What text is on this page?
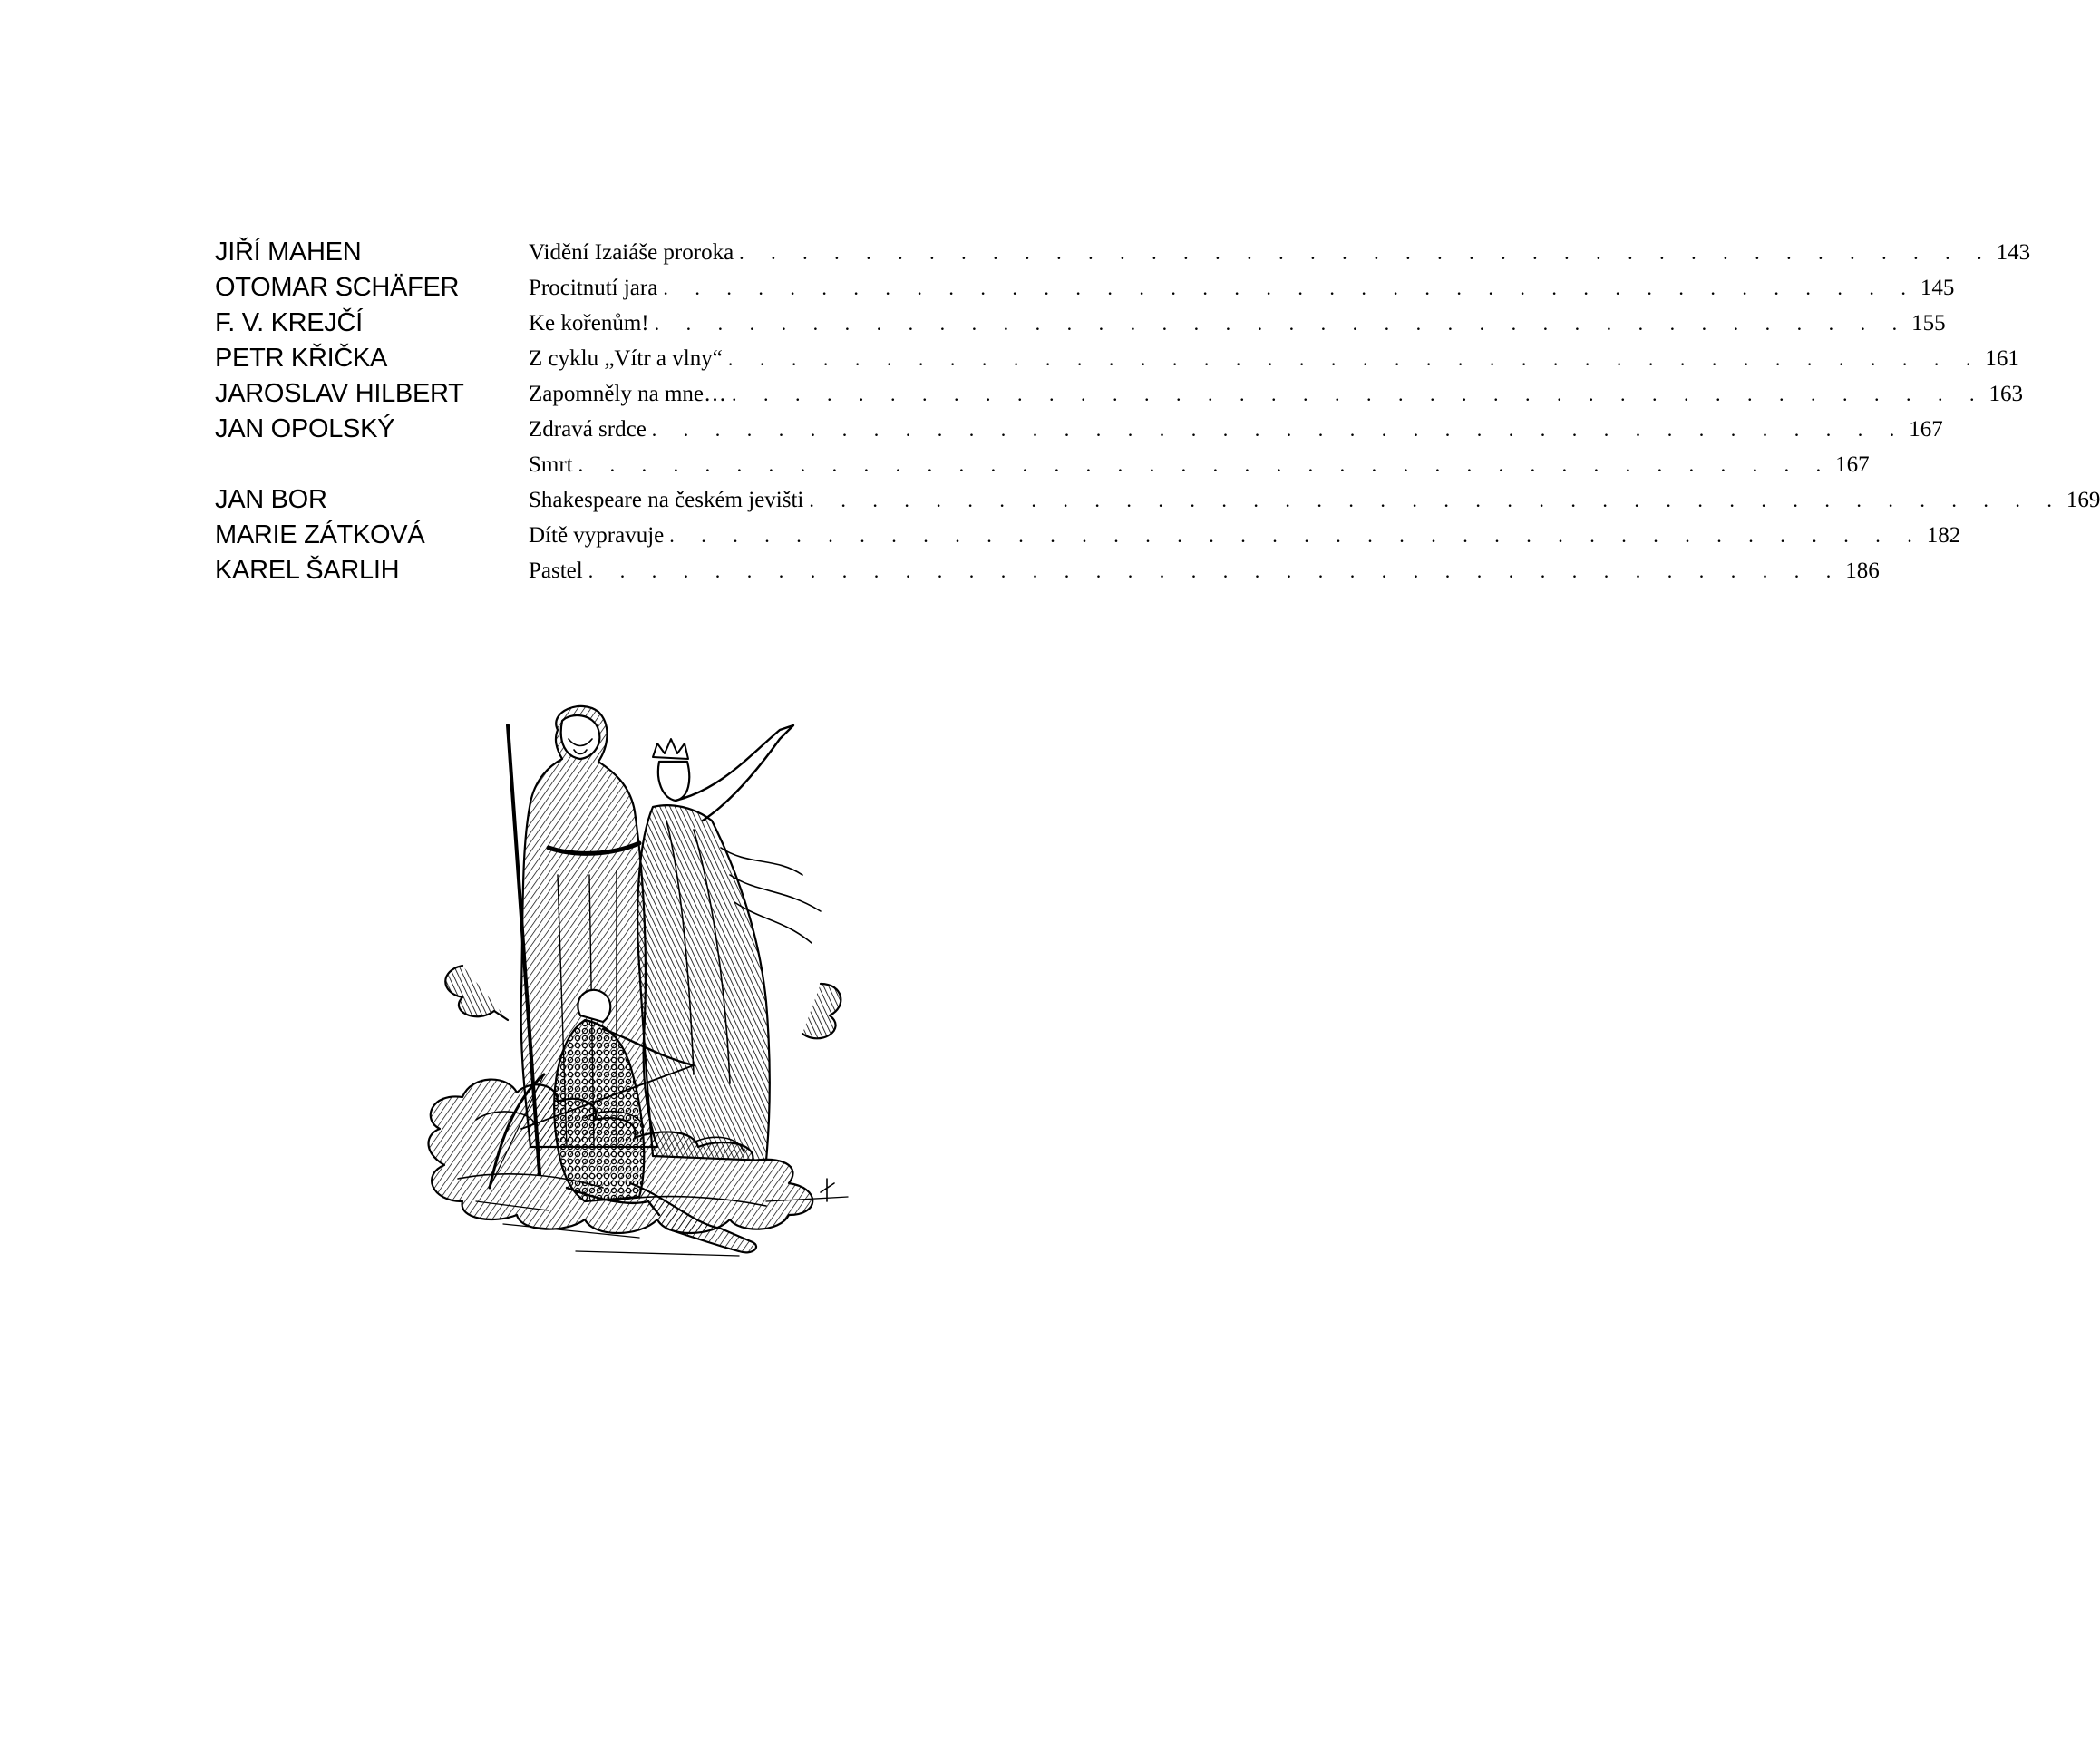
JIŘÍ MAHEN	Vidění Izaiáše proroka . . . . . . . . . . . . . . . . . . . . . . . . . . . . . . . . . . . . . . . . 143
OTOMAR SCHÄFER	Procitnutí jara . . . . . . . . . . . . . . . . . . . . . . . . . . . . . . . . . . . . . . . . 145
F. V. KREJČÍ	Ke kořenům! . . . . . . . . . . . . . . . . . . . . . . . . . . . . . . . . . . . . . . . . 155
PETR KŘIČKA	Z cyklu „Vítr a vlny“ . . . . . . . . . . . . . . . . . . . . . . . . . . . . . . . . . . . . . . . . 161
JAROSLAV HILBERT	Zapomněly na mne… . . . . . . . . . . . . . . . . . . . . . . . . . . . . . . . . . . . . . . . . 163
JAN OPOLSKÝ	Zdravá srdce . . . . . . . . . . . . . . . . . . . . . . . . . . . . . . . . . . . . . . . . 167
Smrt . . . . . . . . . . . . . . . . . . . . . . . . . . . . . . . . . . . . . . . . 167
JAN BOR	Shakespeare na českém jevišti . . . . . . . . . . . . . . . . . . . . . . . . . . . . . . . . . . . . . . . . 169
MARIE ZÁTKOVÁ	Dítě vypravuje . . . . . . . . . . . . . . . . . . . . . . . . . . . . . . . . . . . . . . . . 182
KAREL ŠARLIH	Pastel . . . . . . . . . . . . . . . . . . . . . . . . . . . . . . . . . . . . . . . . 186
